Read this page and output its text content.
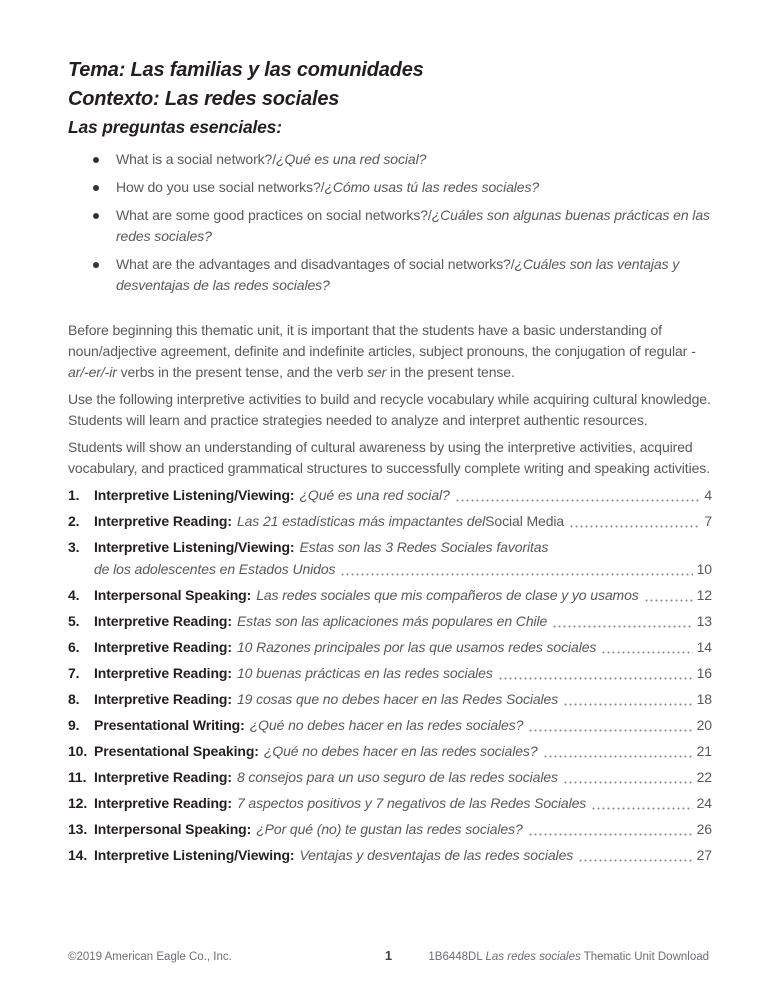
Tema: Las familias y las comunidades

Contexto: Las redes sociales

Las preguntas esenciales:

What is a social network?/¿Qué es una red social?
How do you use social networks?/¿Cómo usas tú las redes sociales?
What are some good practices on social networks?/¿Cuáles son algunas buenas prácticas en las redes sociales?
What are the advantages and disadvantages of social networks?/¿Cuáles son las ventajas y desventajas de las redes sociales?

Before beginning this thematic unit, it is important that the students have a basic understanding of noun/adjective agreement, definite and indefinite articles, subject pronouns, the conjugation of regular -ar/-er/-ir verbs in the present tense, and the verb ser in the present tense.

Use the following interpretive activities to build and recycle vocabulary while acquiring cultural knowledge. Students will learn and practice strategies needed to analyze and interpret authentic resources.

Students will show an understanding of cultural awareness by using the interpretive activities, acquired vocabulary, and practiced grammatical structures to successfully complete writing and speaking activities.

1.	Interpretive Listening/Viewing: ¿Qué es una red social?	4
2.	Interpretive Reading: Las 21 estadísticas más impactantes del Social Media	7
3.	Interpretive Listening/Viewing: Estas son las 3 Redes Sociales favoritas
de los adolescentes en Estados Unidos	10
4.	Interpersonal Speaking: Las redes sociales que mis compañeros de clase y yo usamos	12
5.	Interpretive Reading: Estas son las aplicaciones más populares en Chile	13
6.	Interpretive Reading: 10 Razones principales por las que usamos redes sociales	14
7.	Interpretive Reading: 10 buenas prácticas en las redes sociales	16
8.	Interpretive Reading: 19 cosas que no debes hacer en las Redes Sociales	18
9.	Presentational Writing: ¿Qué no debes hacer en las redes sociales?	20
10. Presentational Speaking: ¿Qué no debes hacer en las redes sociales?	21
11. Interpretive Reading: 8 consejos para un uso seguro de las redes sociales	22
12. Interpretive Reading: 7 aspectos positivos y 7 negativos de las Redes Sociales	24
13. Interpersonal Speaking: ¿Por qué (no) te gustan las redes sociales?	26
14. Interpretive Listening/Viewing: Ventajas y desventajas de las redes sociales	27
©2019 American Eagle Co., Inc.	1	1B6448DL Las redes sociales Thematic Unit Download
